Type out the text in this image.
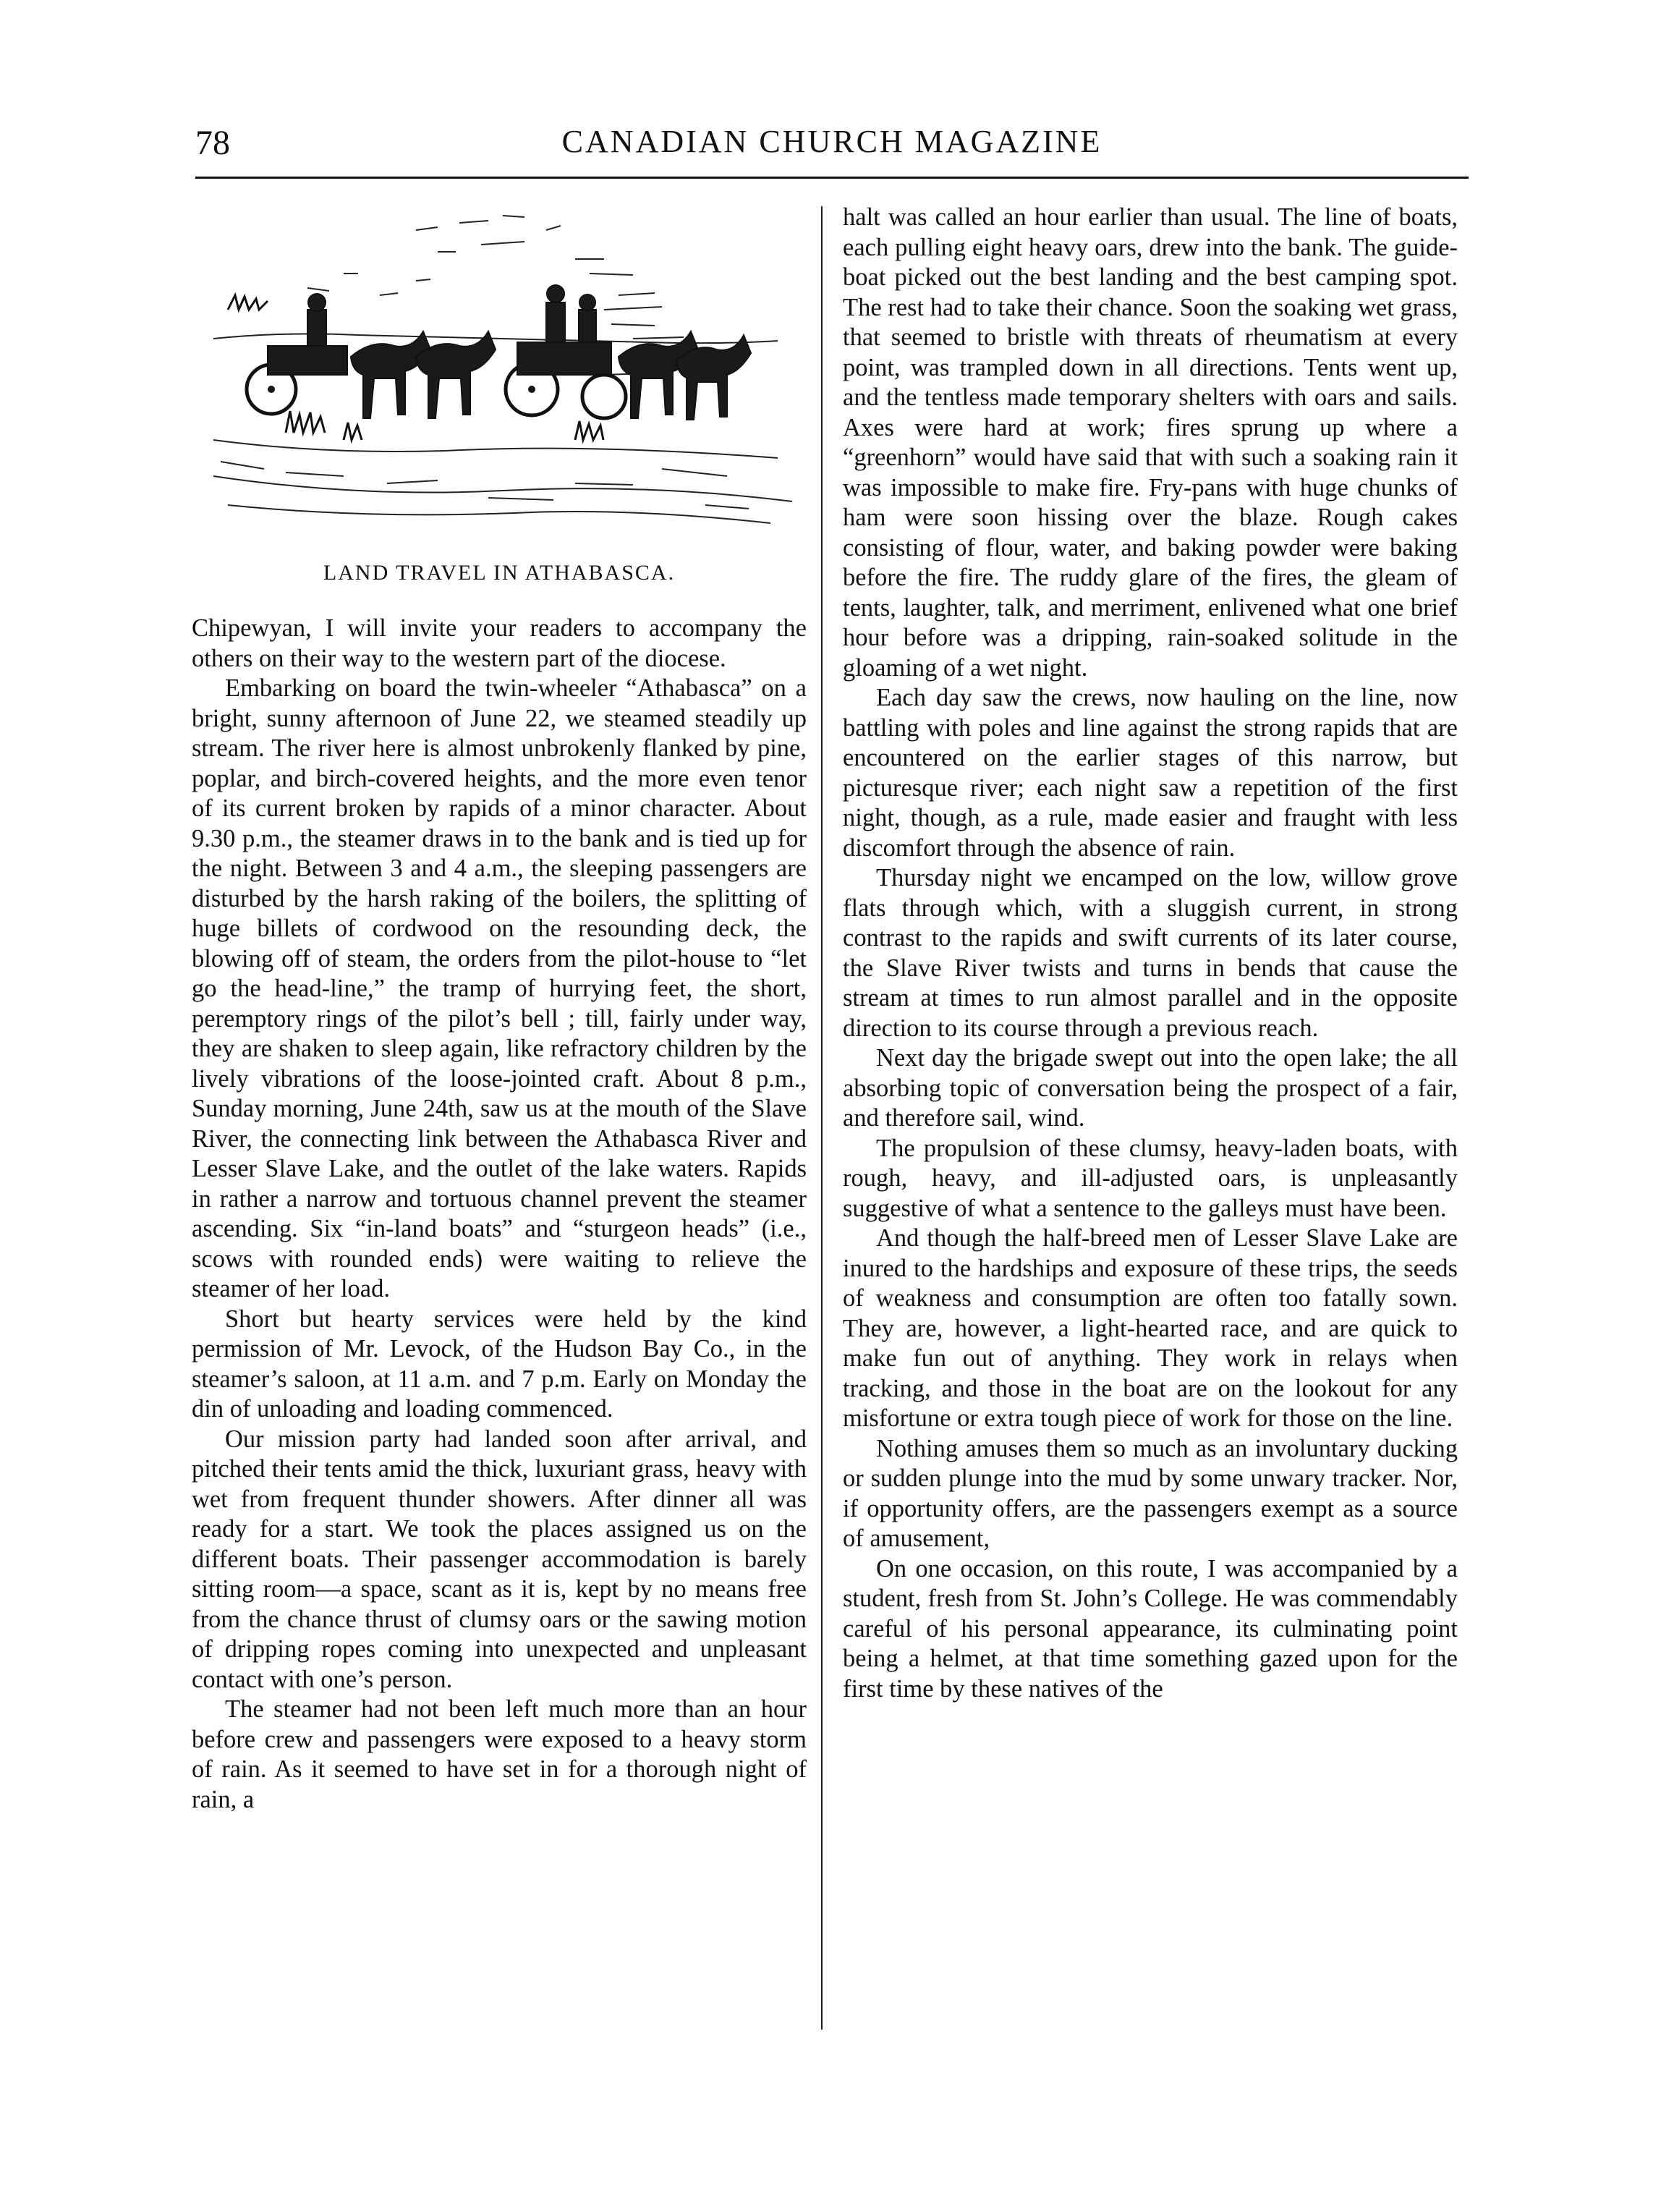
78	CANADIAN CHURCH MAGAZINE
LAND TRAVEL IN ATHABASCA.

Chipewyan, I will invite your readers to accompany the others on their way to the western part of the diocese.

Embarking on board the twin-wheeler “Athabasca” on a bright, sunny afternoon of June 22, we steamed steadily up stream. The river here is almost unbrokenly flanked by pine, poplar, and birch-covered heights, and the more even tenor of its current broken by rapids of a minor character. About 9.30 p.m., the steamer draws in to the bank and is tied up for the night. Between 3 and 4 a.m., the sleeping passengers are disturbed by the harsh raking of the boilers, the splitting of huge billets of cordwood on the resounding deck, the blowing off of steam, the orders from the pilot-house to “let go the head-line,” the tramp of hurrying feet, the short, peremptory rings of the pilot’s bell ; till, fairly under way, they are shaken to sleep again, like refractory children by the lively vibrations of the loose-jointed craft. About 8 p.m., Sunday morning, June 24th, saw us at the mouth of the Slave River, the connecting link between the Athabasca River and Lesser Slave Lake, and the outlet of the lake waters. Rapids in rather a narrow and tortuous channel prevent the steamer ascending. Six “in-land boats” and “sturgeon heads” (i.e., scows with rounded ends) were waiting to relieve the steamer of her load.

Short but hearty services were held by the kind permission of Mr. Levock, of the Hudson Bay Co., in the steamer’s saloon, at 11 a.m. and 7 p.m. Early on Monday the din of unloading and loading commenced.

Our mission party had landed soon after arrival, and pitched their tents amid the thick, luxuriant grass, heavy with wet from frequent thunder showers. After dinner all was ready for a start. We took the places assigned us on the different boats. Their passenger accommodation is barely sitting room—a space, scant as it is, kept by no means free from the chance thrust of clumsy oars or the sawing motion of dripping ropes coming into unexpected and unpleasant contact with one’s person.

The steamer had not been left much more than an hour before crew and passengers were exposed to a heavy storm of rain. As it seemed to have set in for a thorough night of rain, a

halt was called an hour earlier than usual. The line of boats, each pulling eight heavy oars, drew into the bank. The guide-boat picked out the best landing and the best camping spot. The rest had to take their chance. Soon the soaking wet grass, that seemed to bristle with threats of rheumatism at every point, was trampled down in all directions. Tents went up, and the tentless made temporary shelters with oars and sails. Axes were hard at work; fires sprung up where a “greenhorn” would have said that with such a soaking rain it was impossible to make fire. Fry-pans with huge chunks of ham were soon hissing over the blaze. Rough cakes consisting of flour, water, and baking powder were baking before the fire. The ruddy glare of the fires, the gleam of tents, laughter, talk, and merriment, enlivened what one brief hour before was a dripping, rain-soaked solitude in the gloaming of a wet night.

Each day saw the crews, now hauling on the line, now battling with poles and line against the strong rapids that are encountered on the earlier stages of this narrow, but picturesque river; each night saw a repetition of the first night, though, as a rule, made easier and fraught with less discomfort through the absence of rain.

Thursday night we encamped on the low, willow grove flats through which, with a sluggish current, in strong contrast to the rapids and swift currents of its later course, the Slave River twists and turns in bends that cause the stream at times to run almost parallel and in the opposite direction to its course through a previous reach.

Next day the brigade swept out into the open lake; the all absorbing topic of conversation being the prospect of a fair, and therefore sail, wind.

The propulsion of these clumsy, heavy-laden boats, with rough, heavy, and ill-adjusted oars, is unpleasantly suggestive of what a sentence to the galleys must have been.

And though the half-breed men of Lesser Slave Lake are inured to the hardships and exposure of these trips, the seeds of weakness and consumption are often too fatally sown. They are, however, a light-hearted race, and are quick to make fun out of anything. They work in relays when tracking, and those in the boat are on the lookout for any misfortune or extra tough piece of work for those on the line.

Nothing amuses them so much as an involuntary ducking or sudden plunge into the mud by some unwary tracker. Nor, if opportunity offers, are the passengers exempt as a source of amusement,

On one occasion, on this route, I was accompanied by a student, fresh from St. John’s College. He was commendably careful of his personal appearance, its culminating point being a helmet, at that time something gazed upon for the first time by these natives of the
